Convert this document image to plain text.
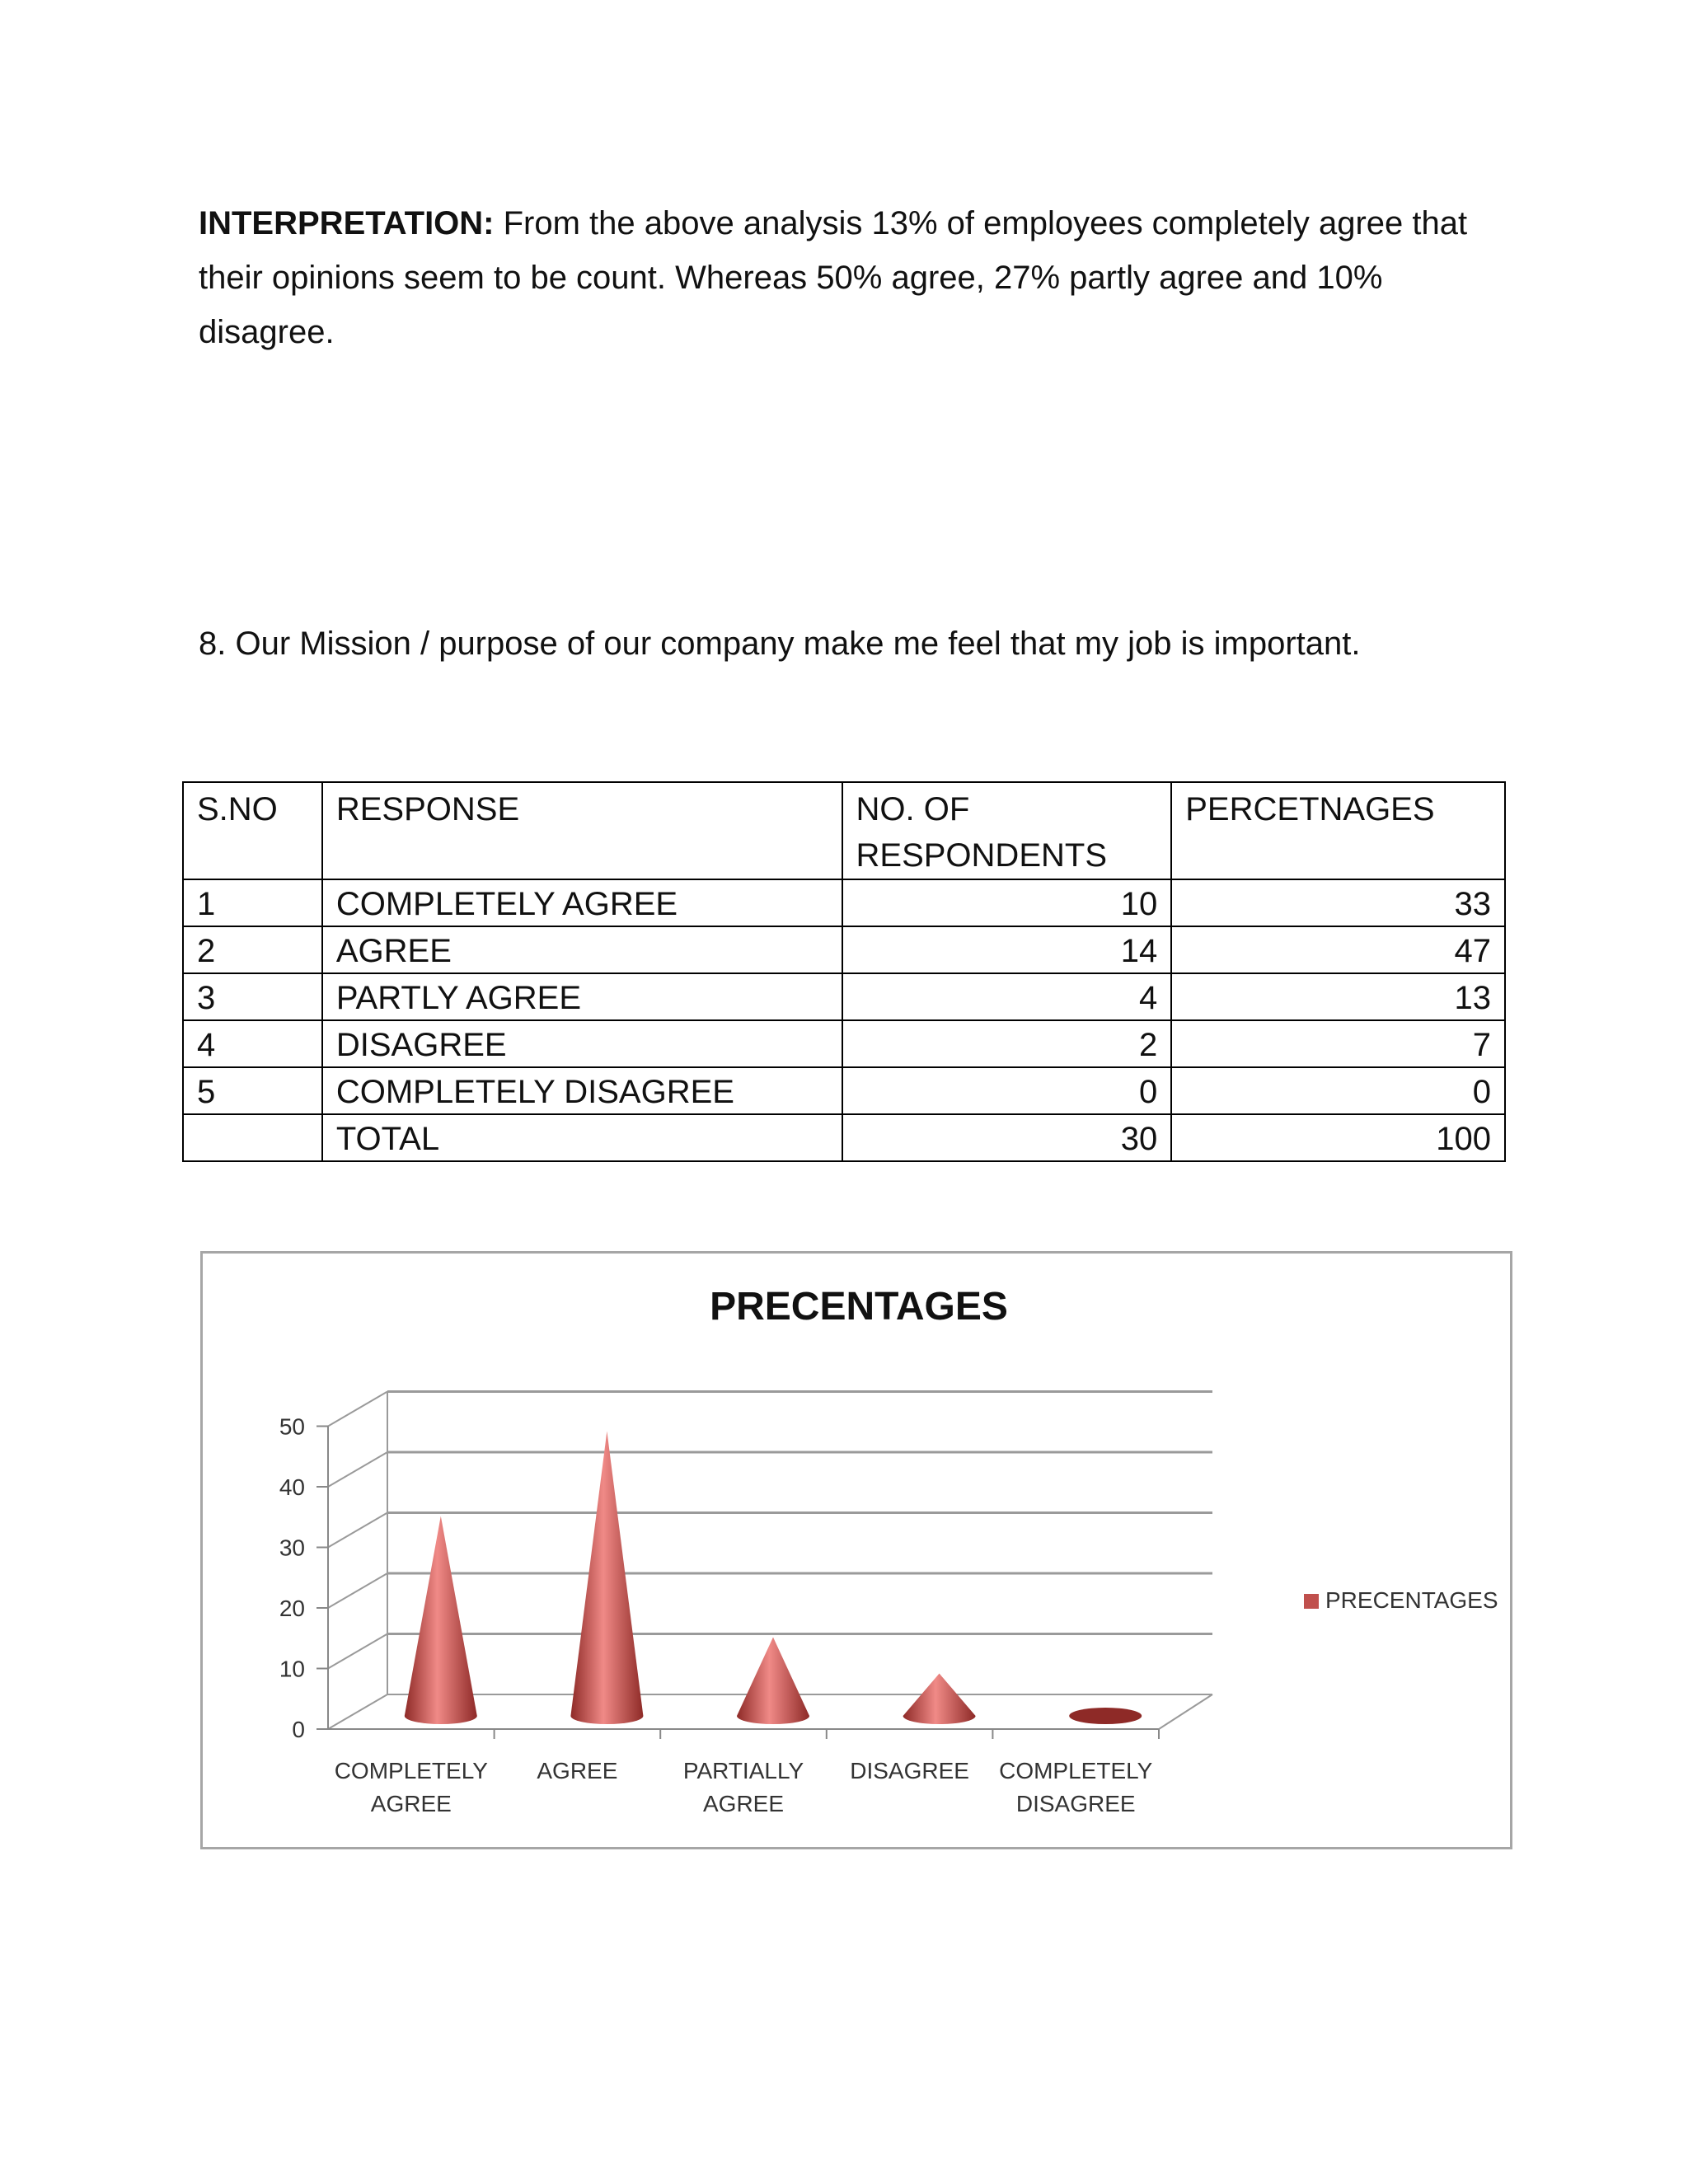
INTERPRETATION: From the above analysis 13% of employees completely agree that their opinions seem to be count. Whereas 50% agree, 27% partly agree and 10% disagree.

8. Our Mission / purpose of our company make me feel that my job is important.

S.NO	RESPONSE	NO. OF RESPONDENTS	PERCETNAGES
1	COMPLETELY AGREE	10	33
2	AGREE	14	47
3	PARTLY AGREE	4	13
4	DISAGREE	2	7
5	COMPLETELY DISAGREE	0	0
	TOTAL	30	100
PRECENTAGES
0
10
20
30
40
50
COMPLETELY
AGREE
AGREE	PARTIALLY
AGREE
DISAGREE COMPLETELY
DISAGREE
PRECENTAGES
